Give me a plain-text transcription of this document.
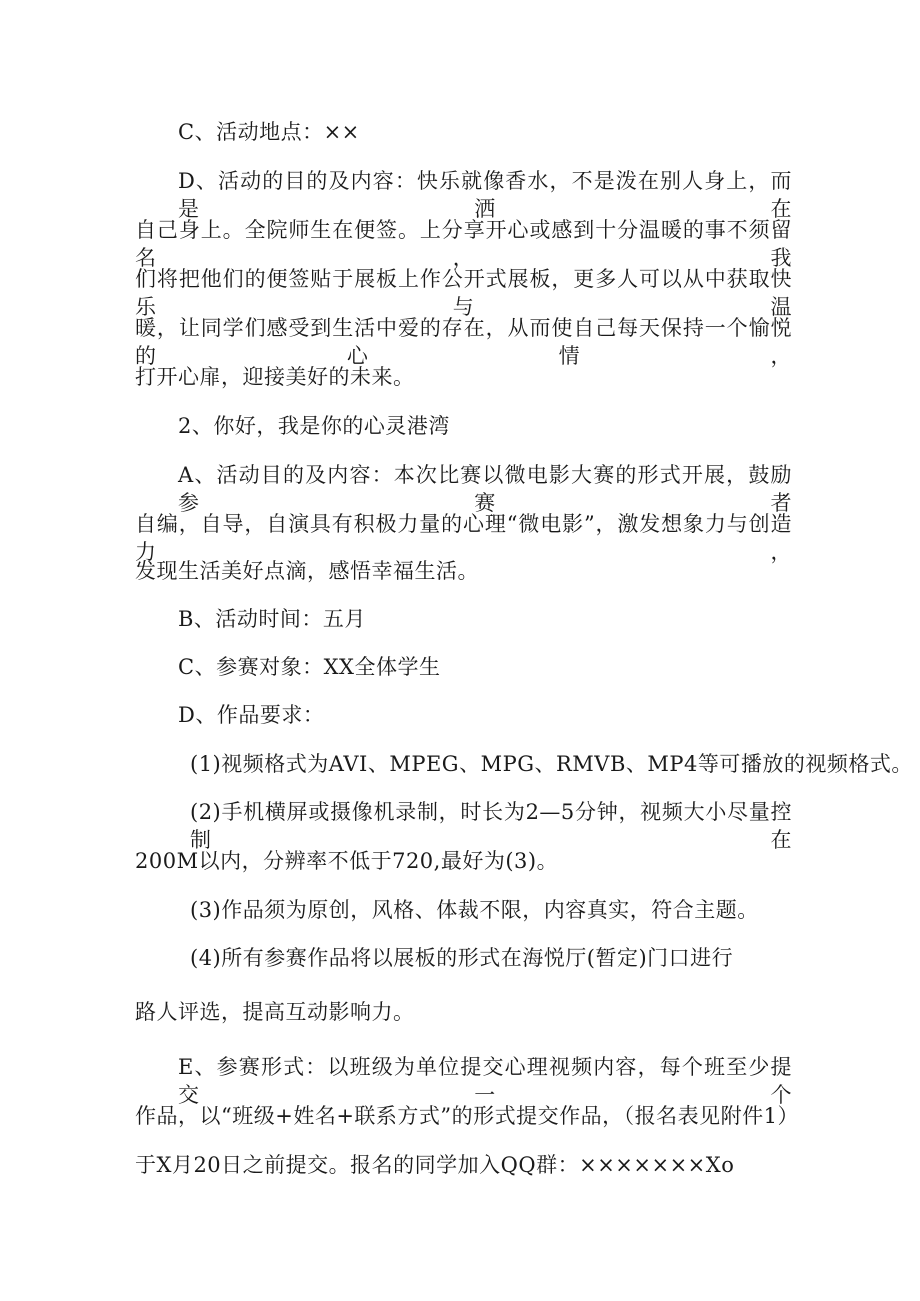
C、活动地点：××
D、活动的目的及内容：快乐就像香水，不是泼在别人身上，而是洒在
自己身上。全院师生在便签。上分享开心或感到十分温暖的事不须留名，我
们将把他们的便签贴于展板上作公开式展板，更多人可以从中获取快乐与温
暖，让同学们感受到生活中爱的存在，从而使自己每天保持一个愉悦的心情，
打开心扉，迎接美好的未来。
2、你好，我是你的心灵港湾
A、活动目的及内容：本次比赛以微电影大赛的形式开展，鼓励参赛者
自编，自导，自演具有积极力量的心理“微电影”，激发想象力与创造力，
发现生活美好点滴，感悟幸福生活。
B、活动时间：五月
C、参赛对象：XX全体学生
D、作品要求：
(1)视频格式为AVI、MPEG、MPG、RMVB、MP4等可播放的视频格式。
(2)手机横屏或摄像机录制，时长为2—5分钟，视频大小尽量控制在
200M以内，分辨率不低于720,最好为(3)。
(3)作品须为原创，风格、体裁不限，内容真实，符合主题。
(4)所有参赛作品将以展板的形式在海悦厅(暂定)门口进行
路人评选，提高互动影响力。
E、参赛形式：以班级为单位提交心理视频内容，每个班至少提交一个
作品，以“班级+姓名+联系方式”的形式提交作品，（报名表见附件1）
于X月20日之前提交。报名的同学加入QQ群：×××××××Xo
